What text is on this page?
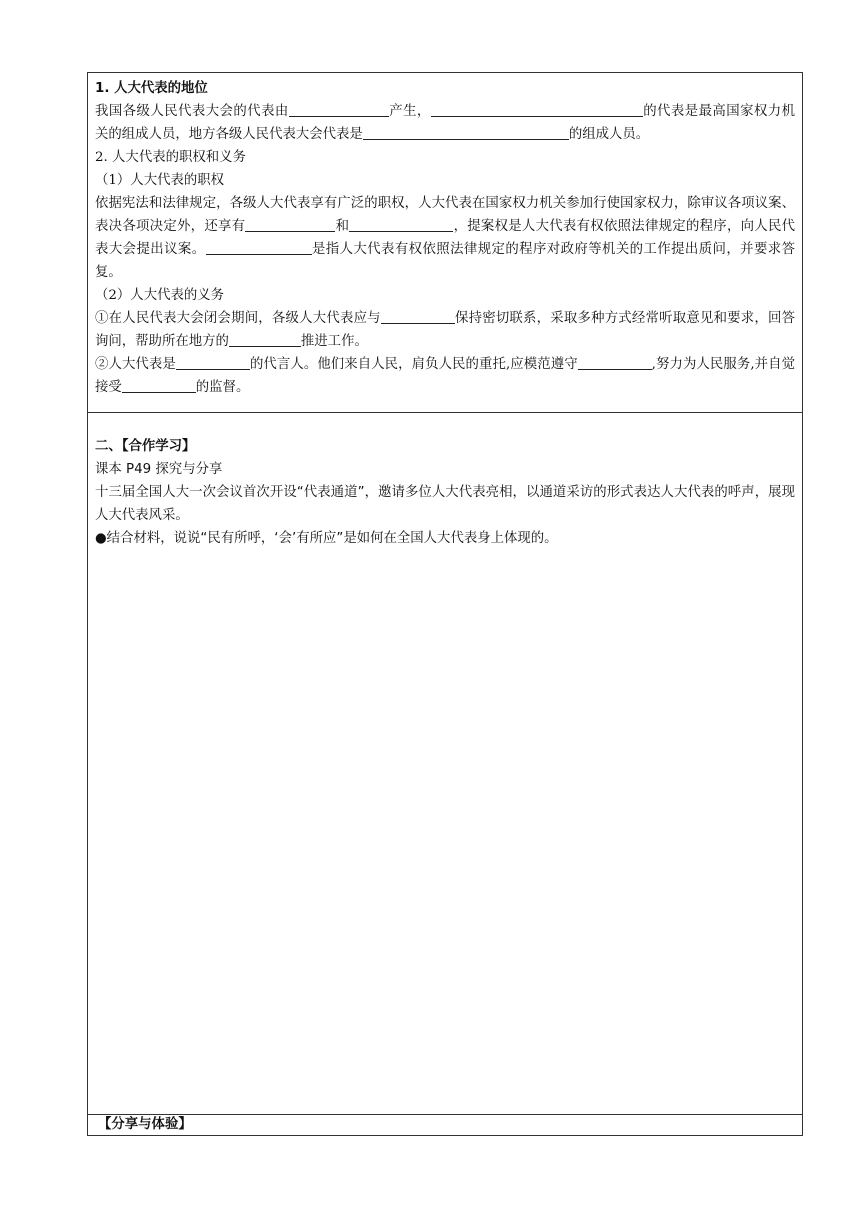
1. 人大代表的地位

我国各级人民代表大会的代表由	产生，	的代表是最高国家权力机关的组成人员，地方各级人民代表大会代表是	的组成人员。

2. 人大代表的职权和义务

（1）人大代表的职权

依据宪法和法律规定，各级人大代表享有广泛的职权，人大代表在国家权力机关参加行使国家权力，除审议各项议案、表决各项决定外，还享有	和	，提案权是人大代表有权依照法律规定的程序，向人民代表大会提出议案。	是指人大代表有权依照法律规定的程序对政府等机关的工作提出质问，并要求答复。

（2）人大代表的义务

①在人民代表大会闭会期间，各级人大代表应与	保持密切联系，采取多种方式经常听取意见和要求，回答询问，帮助所在地方的	推进工作。

②人大代表是	的代言人。他们来自人民，肩负人民的重托,应模范遵守	,努力为人民服务,并自觉接受	的监督。

二、【合作学习】

课本 P49 探究与分享

十三届全国人大一次会议首次开设“代表通道”，邀请多位人大代表亮相，以通道采访的形式表达人大代表的呼声，展现人大代表风采。

●结合材料，说说“民有所呼，‘会’有所应”是如何在全国人大代表身上体现的。

【分享与体验】
